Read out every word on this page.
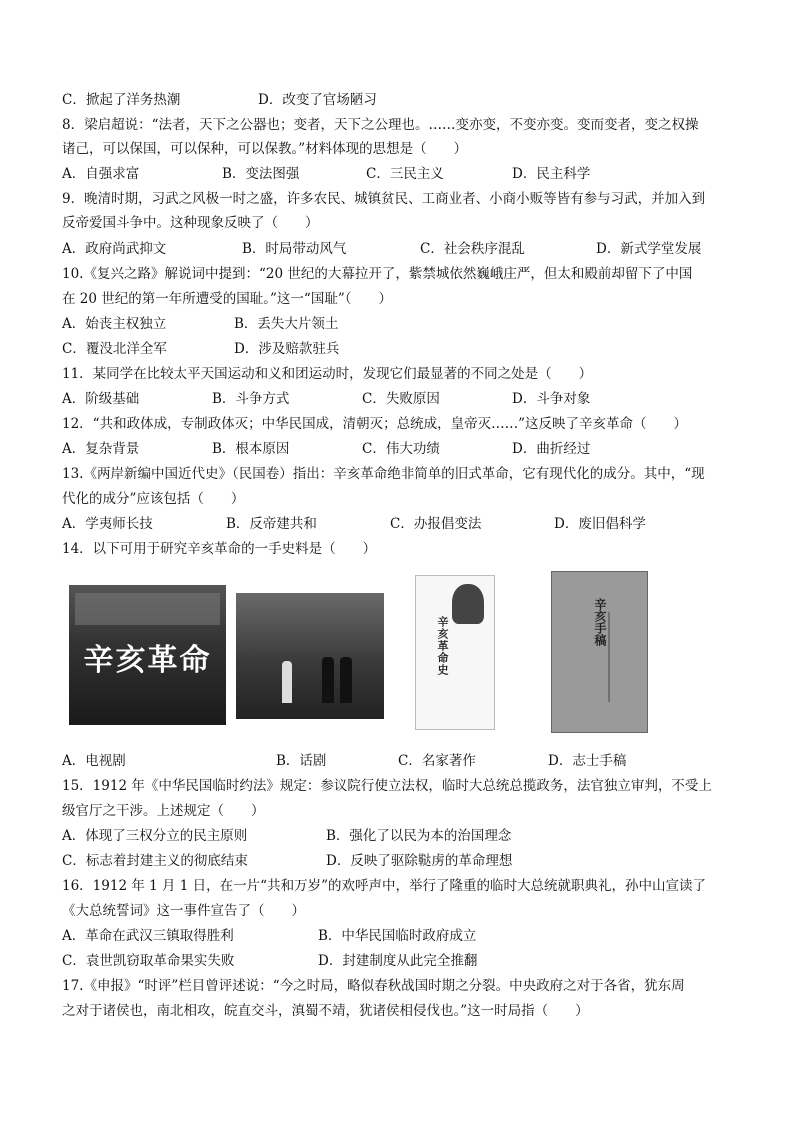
C．掀起了洋务热潮	D．改变了官场陋习
8．梁启超说：“法者，天下之公器也；变者，天下之公理也。……变亦变，不变亦变。变而变者，变之权操
诸己，可以保国，可以保种，可以保教。”材料体现的思想是（　　）
A．自强求富	B．变法图强	C．三民主义	D．民主科学
9．晚清时期，习武之风极一时之盛，许多农民、城镇贫民、工商业者、小商小贩等皆有参与习武，并加入到
反帝爱国斗争中。这种现象反映了（　　）
A．政府尚武抑文	B．时局带动风气	C．社会秩序混乱	D．新式学堂发展
10.《复兴之路》解说词中提到：“20 世纪的大幕拉开了，紫禁城依然巍峨庄严，但太和殿前却留下了中国
在 20 世纪的第一年所遭受的国耻。”这一“国耻”（　　）
A．始丧主权独立	B．丢失大片领土
C．覆没北洋全军	D．涉及赔款驻兵
11．某同学在比较太平天国运动和义和团运动时，发现它们最显著的不同之处是（　　）
A．阶级基础	B．斗争方式	C．失败原因	D．斗争对象
12．“共和政体成，专制政体灭；中华民国成，清朝灭；总统成，皇帝灭……”这反映了辛亥革命（　　）
A．复杂背景	B．根本原因	C．伟大功绩	D．曲折经过
13.《两岸新编中国近代史》（民国卷）指出：辛亥革命绝非简单的旧式革命，它有现代化的成分。其中，“现
代化的成分”应该包括（　　）
A．学夷师长技	B．反帝建共和	C．办报倡变法	D．废旧倡科学
14．以下可用于研究辛亥革命的一手史料是（　　）
辛亥革命	辛亥革命史	辛亥手稿
A．电视剧	B．话剧	C．名家著作	D．志士手稿
15．1912 年《中华民国临时约法》规定：参议院行使立法权，临时大总统总揽政务，法官独立审判，不受上
级官厅之干涉。上述规定（　　）
A．体现了三权分立的民主原则	B．强化了以民为本的治国理念
C．标志着封建主义的彻底结束	D．反映了驱除鞑虏的革命理想
16．1912 年 1 月 1 日，在一片“共和万岁”的欢呼声中，举行了隆重的临时大总统就职典礼，孙中山宣读了
《大总统誓词》这一事件宣告了（　　）
A．革命在武汉三镇取得胜利	B．中华民国临时政府成立
C．袁世凯窃取革命果实失败	D．封建制度从此完全推翻
17.《申报》“时评”栏目曾评述说：“今之时局，略似春秋战国时期之分裂。中央政府之对于各省，犹东周
之对于诸侯也，南北相攻，皖直交斗，滇蜀不靖，犹诸侯相侵伐也。”这一时局指（　　）
